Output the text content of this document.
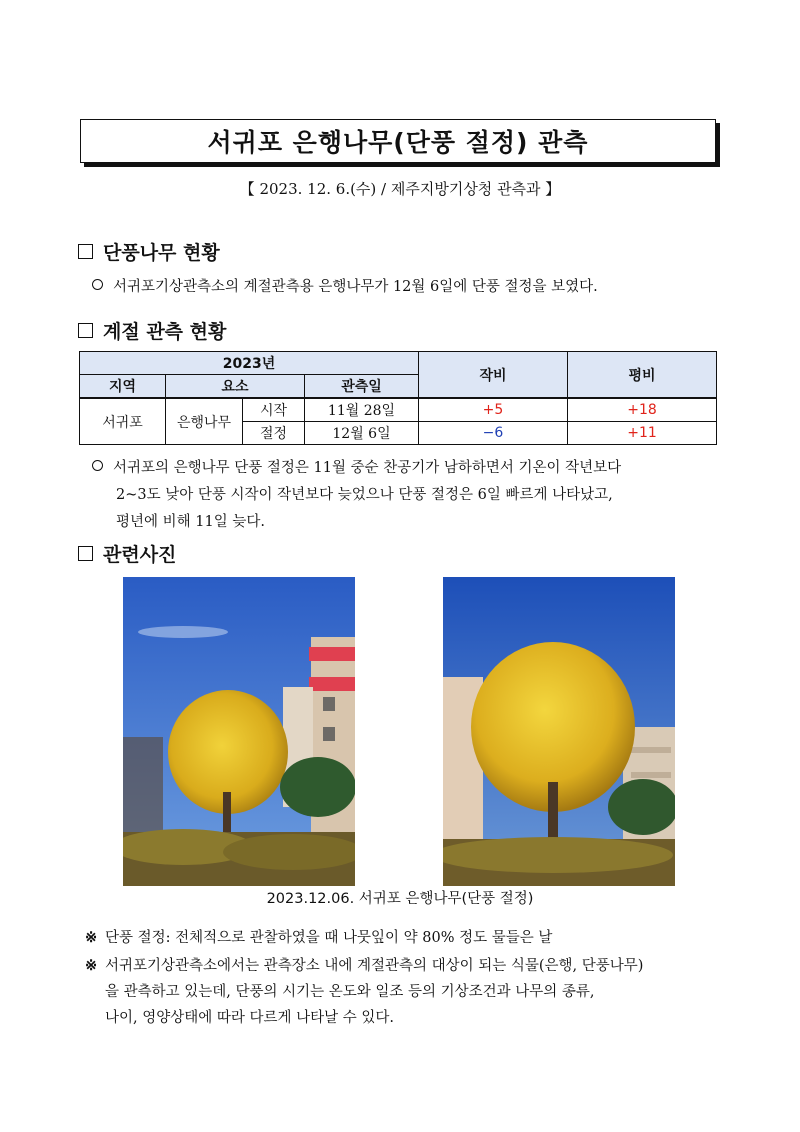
서귀포 은행나무(단풍 절정) 관측
【 2023. 12. 6.(수) / 제주지방기상청 관측과 】
단풍나무 현황
서귀포기상관측소의 계절관측용 은행나무가 12월 6일에 단풍 절정을 보였다.
계절 관측 현황
2023년				작비	평비
지역	요소		관측일		
서귀포	은행나무	시작	11월 28일	+5	+18
		절정	12월 6일	−6	+11
서귀포의 은행나무 단풍 절정은 11월 중순 찬공기가 남하하면서 기온이 작년보다
2~3도 낮아 단풍 시작이 작년보다 늦었으나 단풍 절정은 6일 빠르게 나타났고,
평년에 비해 11일 늦다.
관련사진
2023.12.06. 서귀포 은행나무(단풍 절정)
※ 단풍 절정: 전체적으로 관찰하였을 때 나뭇잎이 약 80% 정도 물들은 날
※ 서귀포기상관측소에서는 관측장소 내에 계절관측의 대상이 되는 식물(은행, 단풍나무)
을 관측하고 있는데, 단풍의 시기는 온도와 일조 등의 기상조건과 나무의 종류,
나이, 영양상태에 따라 다르게 나타날 수 있다.
